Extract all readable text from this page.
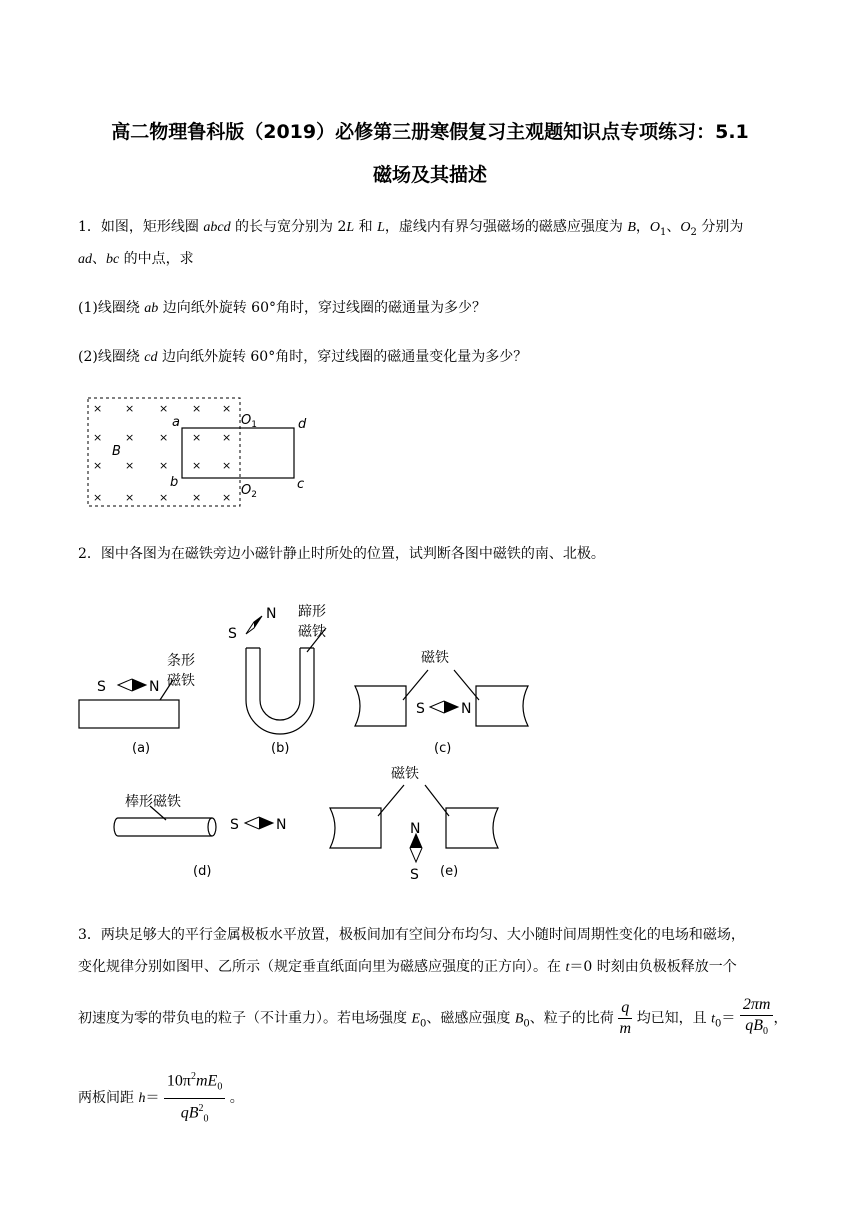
高二物理鲁科版（2019）必修第三册寒假复习主观题知识点专项练习：5.1
磁场及其描述
1．如图，矩形线圈 abcd 的长与宽分别为 2L 和 L，虚线内有界匀强磁场的磁感应强度为 B，$O_1$、$O_2$ 分别为
ad、bc 的中点，求
(1)线圈绕 ab 边向纸外旋转 60°角时，穿过线圈的磁通量为多少？
(2)线圈绕 cd 边向纸外旋转 60°角时，穿过线圈的磁通量变化量为多少？
× × × × ×
× × × × ×
× × × × ×
× × × × ×
B
a
b
d
c
$O_1$
$O_2$
2．图中各图为在磁铁旁边小磁针静止时所处的位置，试判断各图中磁铁的南、北极。
S	N
条形
磁铁
S
N 蹄形
磁铁
磁铁
S	N
棒形磁铁
S	N
磁铁
N
S
(a)	(b)	(c)
(d)	(e)
3．两块足够大的平行金属极板水平放置，极板间加有空间分布均匀、大小随时间周期性变化的电场和磁场，
变化规律分别如图甲、乙所示（规定垂直纸面向里为磁感应强度的正方向）。在 t＝0 时刻由负极板释放一个
初速度为零的带负电的粒子（不计重力）。若电场强度 $E_0$、磁感应强度 $B_0$、粒子的比荷 $\frac{q}{m}$ 均已知，且 $t_0= \frac{2\pi m}{qB_0}$ ，
两板间距 $h= \frac{10\pi^2mE_0}{qB^2_0}$ 。
